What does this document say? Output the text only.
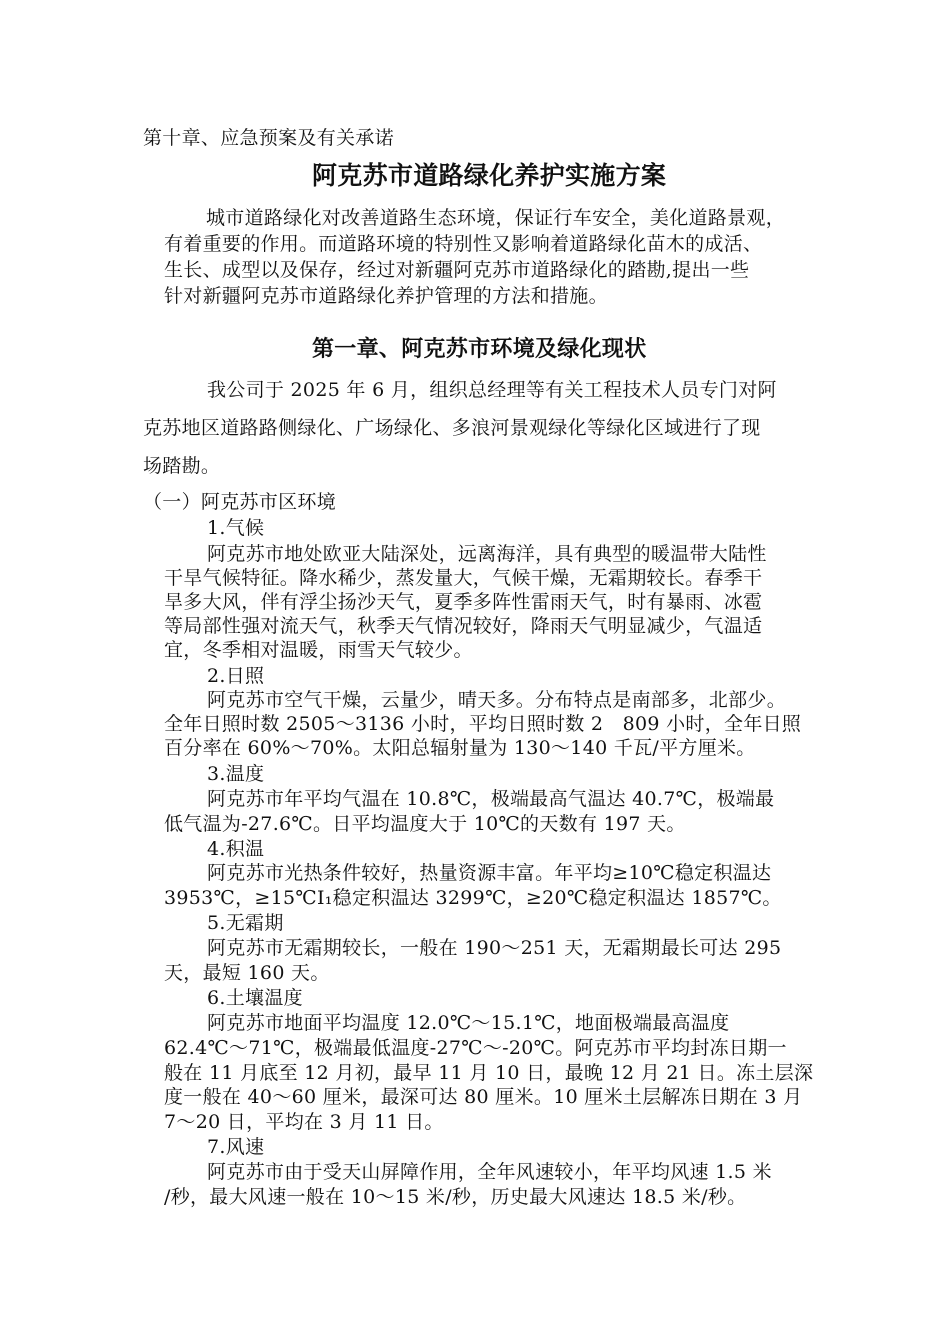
第十章、应急预案及有关承诺
阿克苏市道路绿化养护实施方案
城市道路绿化对改善道路生态环境，保证行车安全，美化道路景观，
有着重要的作用。而道路环境的特别性又影响着道路绿化苗木的成活、
生长、成型以及保存，经过对新疆阿克苏市道路绿化的踏勘,提出一些
针对新疆阿克苏市道路绿化养护管理的方法和措施。
第一章、阿克苏市环境及绿化现状
我公司于 2025 年 6 月，组织总经理等有关工程技术人员专门对阿
克苏地区道路路侧绿化、广场绿化、多浪河景观绿化等绿化区域进行了现
场踏勘。
（一）阿克苏市区环境
1.气候
阿克苏市地处欧亚大陆深处，远离海洋，具有典型的暖温带大陆性
干旱气候特征。降水稀少，蒸发量大，气候干燥，无霜期较长。春季干
旱多大风，伴有浮尘扬沙天气，夏季多阵性雷雨天气，时有暴雨、冰雹
等局部性强对流天气，秋季天气情况较好，降雨天气明显减少，气温适
宜，冬季相对温暖，雨雪天气较少。
2.日照
阿克苏市空气干燥，云量少，晴天多。分布特点是南部多，北部少。
全年日照时数 2505～3136 小时，平均日照时数 2　809 小时，全年日照
百分率在 60%～70%。太阳总辐射量为 130～140 千瓦/平方厘米。
3.温度
阿克苏市年平均气温在 10.8℃，极端最高气温达 40.7℃，极端最
低气温为-27.6℃。日平均温度大于 10℃的天数有 197 天。
4.积温
阿克苏市光热条件较好，热量资源丰富。年平均≥10℃稳定积温达
3953℃，≥15℃I₁稳定积温达 3299℃，≥20℃稳定积温达 1857℃。
5.无霜期
阿克苏市无霜期较长，一般在 190～251 天，无霜期最长可达 295
天，最短 160 天。
6.土壤温度
阿克苏市地面平均温度 12.0℃～15.1℃，地面极端最高温度
62.4℃～71℃，极端最低温度-27℃～-20℃。阿克苏市平均封冻日期一
般在 11 月底至 12 月初，最早 11 月 10 日，最晚 12 月 21 日。冻土层深
度一般在 40～60 厘米，最深可达 80 厘米。10 厘米土层解冻日期在 3 月
7～20 日，平均在 3 月 11 日。
7.风速
阿克苏市由于受天山屏障作用，全年风速较小，年平均风速 1.5 米
/秒，最大风速一般在 10～15 米/秒，历史最大风速达 18.5 米/秒。
